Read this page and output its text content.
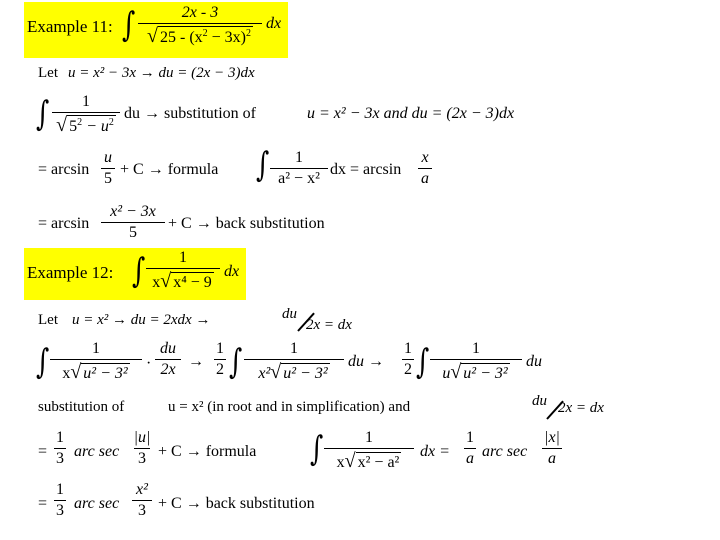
Example 11: ∫	2x - 3
√ $25 - (x^2 - 3x)^2$
dx
Let u = x² − 3x → du = (2x − 3)dx
∫ 1
√ $5^2 - u^2$
du → substitution of	u = x² − 3x and du = (2x − 3)dx
= arcsin
u
5
+ C → formula ∫ 1
a² − x²
dx = arcsin
x
a
= arcsin
x² − 3x
5
+ C → back substitution
Example 12: ∫ 1
x √ x⁴ − 9
dx
Let u = x² → du = 2xdx →	du
2x = dx
∫	1
x √ u² − 3²
·
du
2x →
1
2 ∫	1
x² √ u² − 3²
du →
1
2 ∫	1
u √ u² − 3²
du
substitution of	u = x² (in root and in simplification) and	du 2x = dx
=
1
3 arc sec
|u|
3 + C → formula ∫	1
x √ x² − a²
dx =
1
a arc sec
|x|
a
=
1
3 arc sec
x²
3 + C → back substitution
